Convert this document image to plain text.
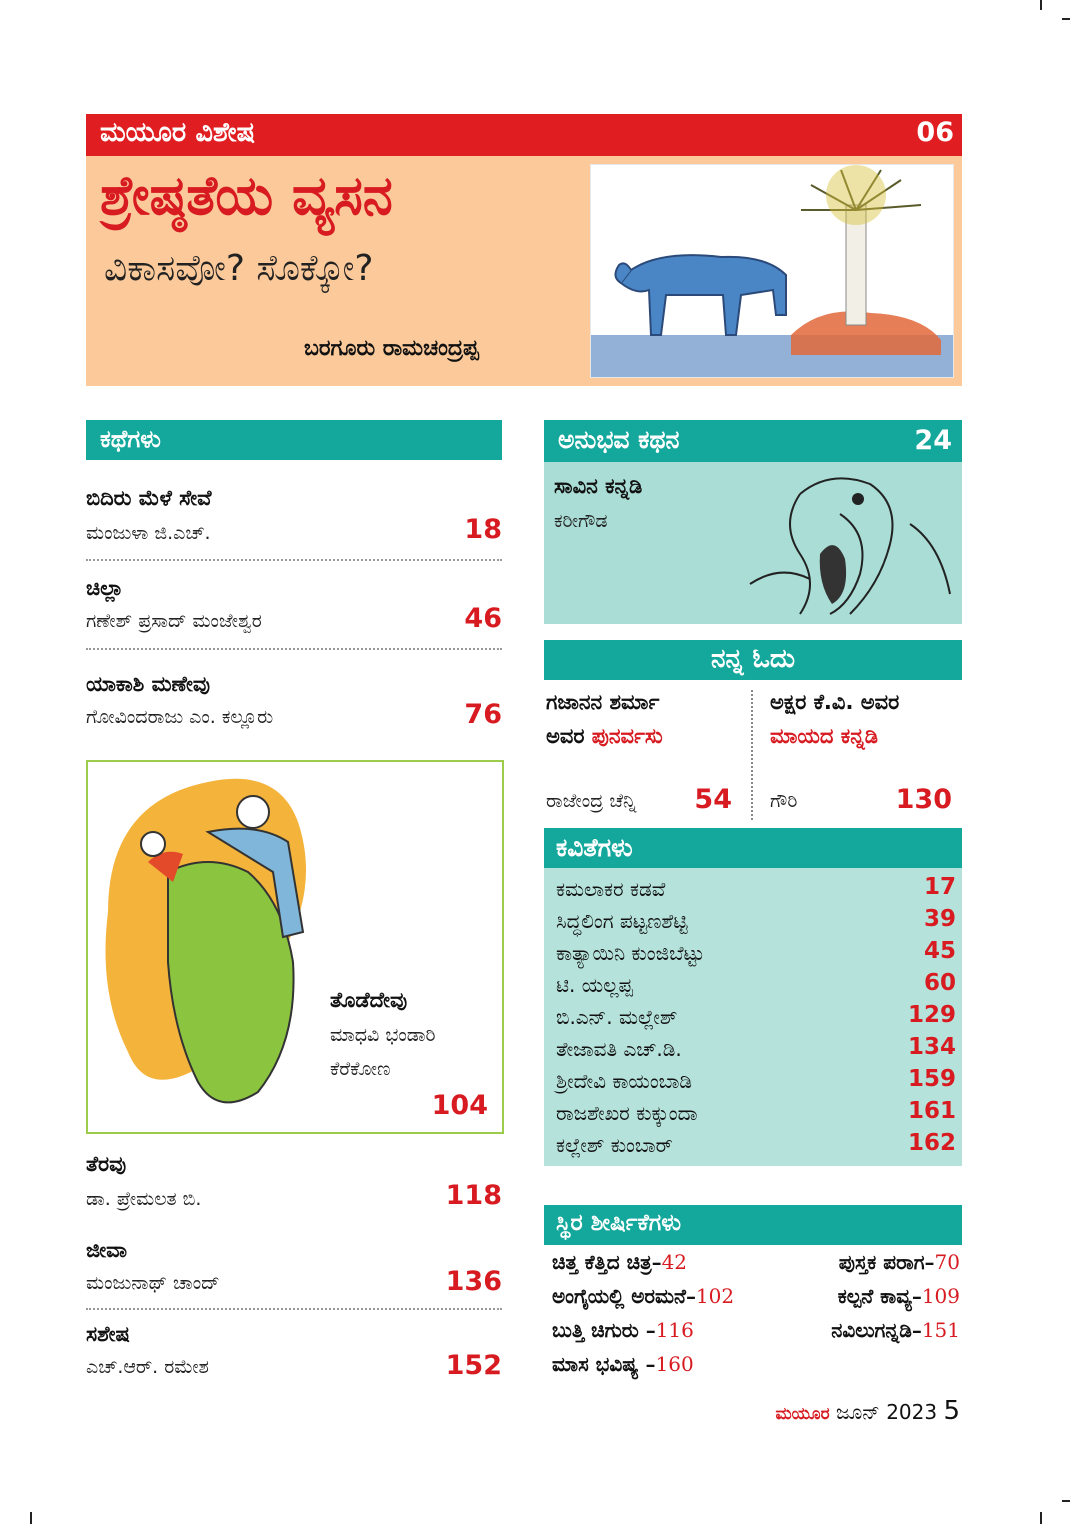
ಮಯೂರ ವಿಶೇಷ	06
ಶ್ರೇಷ್ಠತೆಯ ವ್ಯಸನ
ವಿಕಾಸವೋ? ಸೊಕ್ಕೋ?
ಬರಗೂರು ರಾಮಚಂದ್ರಪ್ಪ
ಕಥೆಗಳು
ಬಿದಿರು ಮೆಳೆ ಸೇವೆ
ಮಂಜುಳಾ ಜಿ.ಎಚ್.	18
ಚಿಲ್ಲಾ
ಗಣೇಶ್ ಪ್ರಸಾದ್ ಮಂಜೇಶ್ವರ	46
ಯಾಕಾಶಿ ಮಣೇವು
ಗೋವಿಂದರಾಜು ಎಂ. ಕಲ್ಲೂರು	76
ತೊಡೆದೇವು
ಮಾಧವಿ ಭಂಡಾರಿ
ಕೆರೆಕೋಣ
104
ತೆರವು
ಡಾ. ಪ್ರೇಮಲತ ಬಿ.	118
ಜೀವಾ
ಮಂಜುನಾಥ್ ಚಾಂದ್	136
ಸಶೇಷ
ಎಚ್.ಆರ್. ರಮೇಶ	152
ಅನುಭವ ಕಥನ	24
ಸಾವಿನ ಕನ್ನಡಿ
ಕರೀಗೌಡ
ನನ್ನ ಓದು
ಗಜಾನನ ಶರ್ಮಾ
ಅವರ ಪುನರ್ವಸು
ರಾಜೇಂದ್ರ ಚೆನ್ನಿ	54
ಅಕ್ಷರ ಕೆ.ವಿ. ಅವರ
ಮಾಯದ ಕನ್ನಡಿ
ಗೌರಿ	130
ಕವಿತೆಗಳು
ಕಮಲಾಕರ ಕಡವೆ	17
ಸಿದ್ಧಲಿಂಗ ಪಟ್ಟಣಶೆಟ್ಟಿ	39
ಕಾತ್ಯಾಯಿನಿ ಕುಂಜಿಬೆಟ್ಟು	45
ಟಿ. ಯಲ್ಲಪ್ಪ	60
ಬಿ.ಎನ್. ಮಲ್ಲೇಶ್	129
ತೇಜಾವತಿ ಎಚ್.ಡಿ.	134
ಶ್ರೀದೇವಿ ಕಾಯಂಬಾಡಿ	159
ರಾಜಶೇಖರ ಕುಕ್ಕುಂದಾ	161
ಕಲ್ಲೇಶ್ ಕುಂಬಾರ್	162
ಸ್ಥಿರ ಶೀರ್ಷಿಕೆಗಳು
ಚಿತ್ತ ಕೆತ್ತಿದ ಚಿತ್ರ–42	ಪುಸ್ತಕ ಪರಾಗ–70
ಅಂಗೈಯಲ್ಲಿ ಅರಮನೆ–102	ಕಲ್ಪನೆ ಕಾವ್ಯ–109
ಬುತ್ತಿ ಚಿಗುರು –116	ನವಿಲುಗನ್ನಡಿ–151
ಮಾಸ ಭವಿಷ್ಯ –160
ಮಯೂರ ಜೂನ್ 2023 5
